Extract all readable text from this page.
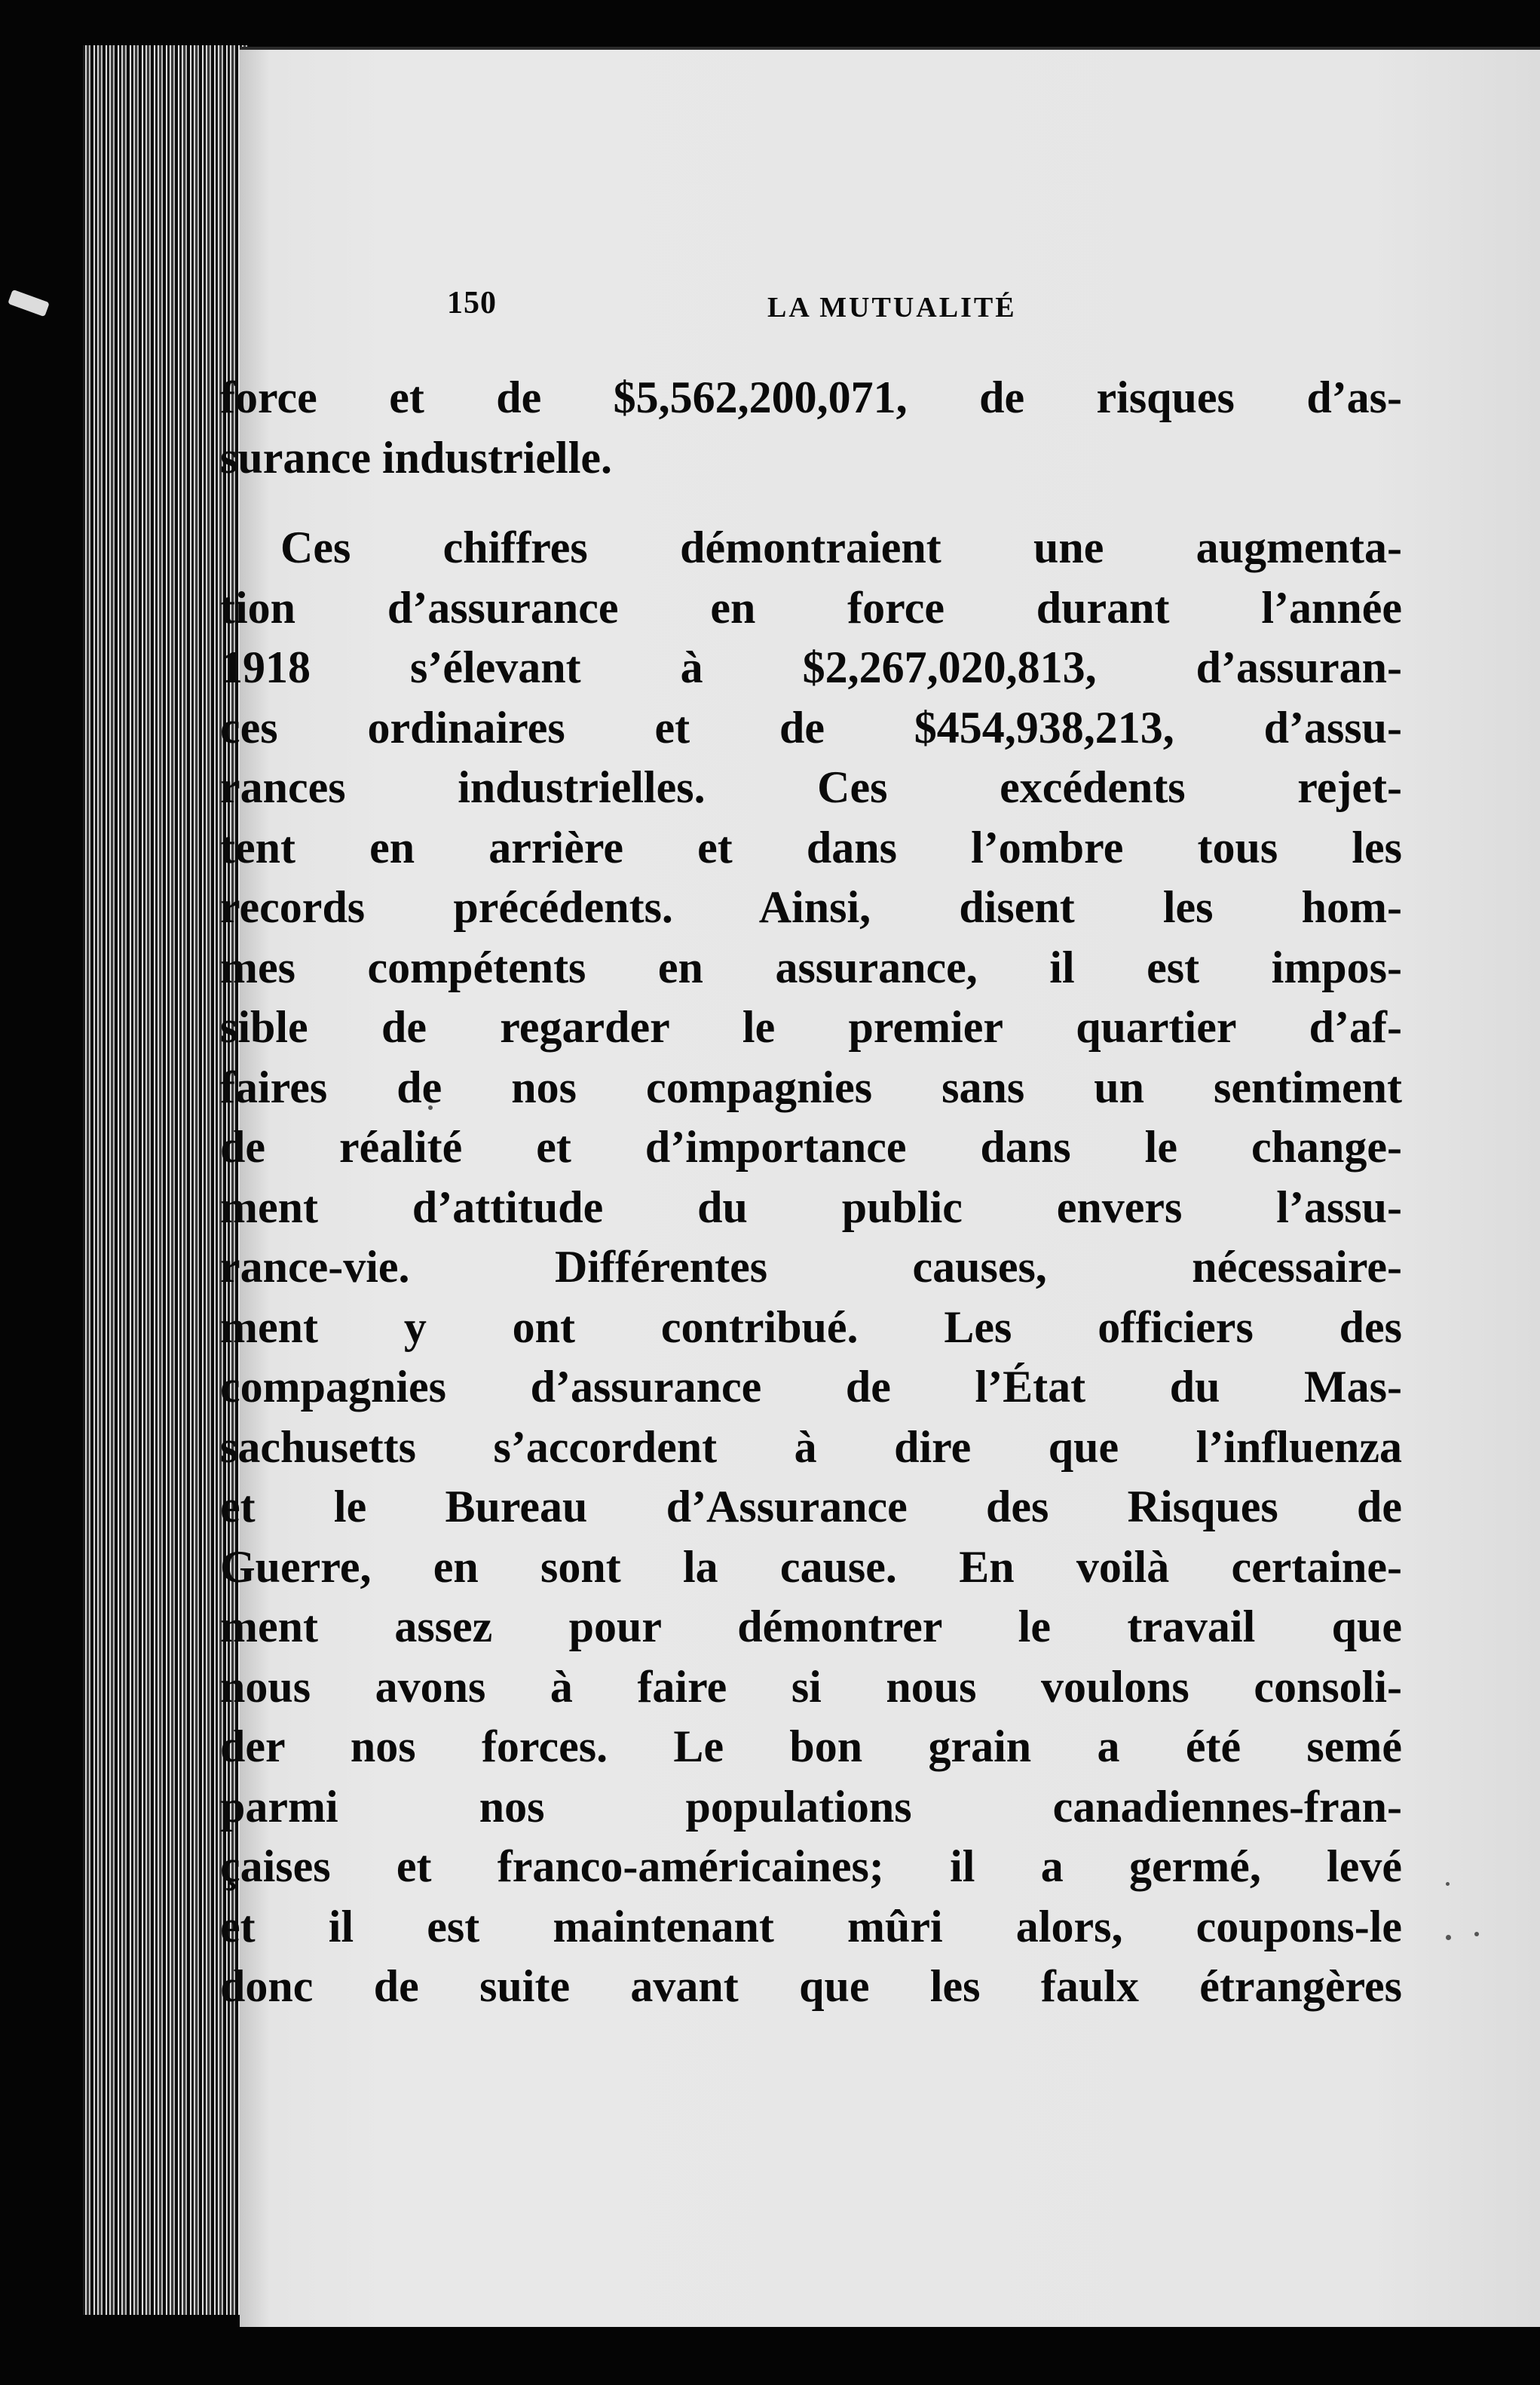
150	LA MUTUALITÉ
force et de $5,562,200,071, de risques d’as-
surance industrielle.
Ces chiffres démontraient une augmenta-
tion d’assurance en force durant l’année
1918 s’élevant à $2,267,020,813, d’assuran-
ces ordinaires et de $454,938,213, d’assu-
rances industrielles. Ces excédents rejet-
tent en arrière et dans l’ombre tous les
records précédents. Ainsi, disent les hom-
mes compétents en assurance, il est impos-
sible de regarder le premier quartier d’af-
faires de nos compagnies sans un sentiment
de réalité et d’importance dans le change-
ment d’attitude du public envers l’assu-
rance-vie. Différentes causes, nécessaire-
ment y ont contribué. Les officiers des
compagnies d’assurance de l’État du Mas-
sachusetts s’accordent à dire que l’influenza
et le Bureau d’Assurance des Risques de
Guerre, en sont la cause. En voilà certaine-
ment assez pour démontrer le travail que
nous avons à faire si nous voulons consoli-
der nos forces. Le bon grain a été semé
parmi nos populations canadiennes-fran-
çaises et franco-américaines; il a germé, levé
et il est maintenant mûri alors, coupons-le
donc de suite avant que les faulx étrangères
